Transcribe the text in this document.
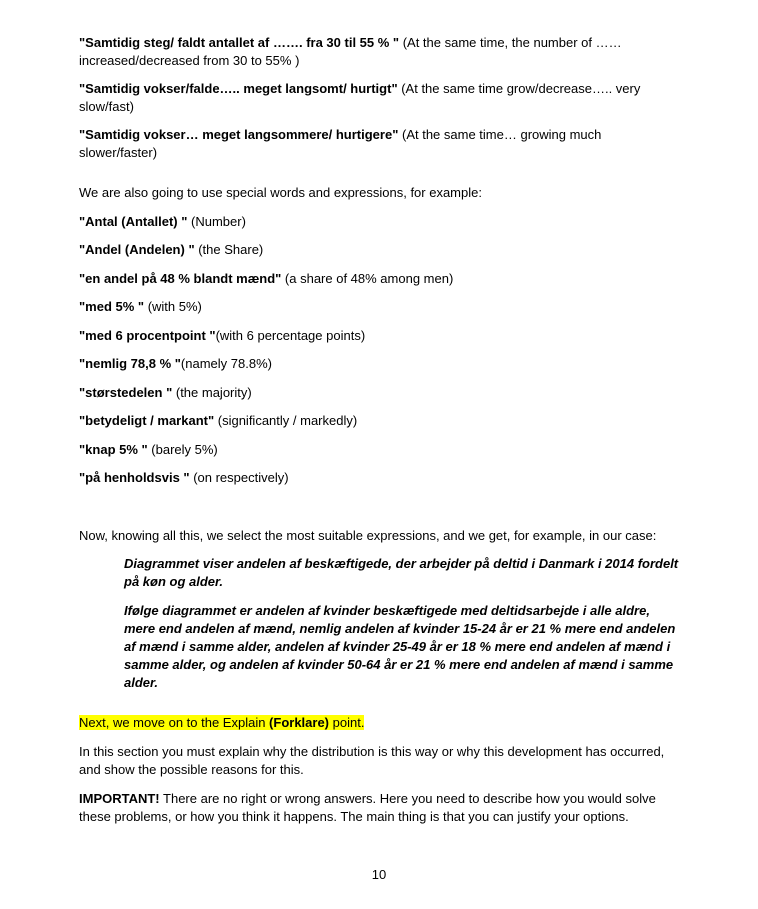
"Samtidig steg/ faldt antallet af ……. fra 30 til 55 % " (At the same time, the number of …… increased/decreased from 30 to 55% )

"Samtidig vokser/falde….. meget langsomt/ hurtigt" (At the same time grow/decrease….. very slow/fast)

"Samtidig vokser… meget langsommere/ hurtigere" (At the same time… growing much slower/faster)

We are also going to use special words and expressions, for example:

"Antal (Antallet) " (Number)

"Andel (Andelen) " (the Share)

"en andel på 48 % blandt mænd" (a share of 48% among men)

"med 5% " (with 5%)

"med 6 procentpoint "(with 6 percentage points)

"nemlig 78,8 % "(namely 78.8%)

"størstedelen " (the majority)

"betydeligt / markant" (significantly / markedly)

"knap 5% " (barely 5%)

"på henholdsvis " (on respectively)

Now, knowing all this, we select the most suitable expressions, and we get, for example, in our case:

Diagrammet viser andelen af beskæftigede, der arbejder på deltid i Danmark i 2014 fordelt på køn og alder.

Ifølge diagrammet er andelen af kvinder beskæftigede med deltidsarbejde i alle aldre, mere end andelen af mænd, nemlig andelen af kvinder 15-24 år er 21 % mere end andelen af mænd i samme alder, andelen af kvinder 25-49 år er 18 % mere end andelen af mænd i samme alder, og andelen af kvinder 50-64 år er 21 % mere end andelen af mænd i samme alder.

Next, we move on to the Explain (Forklare) point.

In this section you must explain why the distribution is this way or why this development has occurred, and show the possible reasons for this.

IMPORTANT! There are no right or wrong answers. Here you need to describe how you would solve these problems, or how you think it happens. The main thing is that you can justify your options.

10
